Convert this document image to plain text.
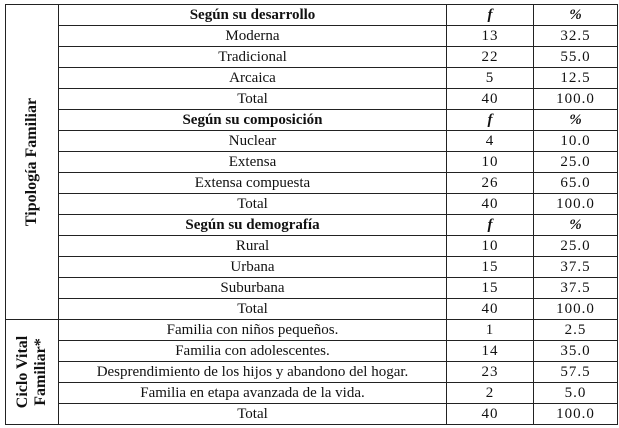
Tipología Familiar	Según su desarrollo	f	%
	Moderna	13	32.5
	Tradicional	22	55.0
	Arcaica	5	12.5
	Total	40	100.0
	Según su composición	f	%
	Nuclear	4	10.0
	Extensa	10	25.0
	Extensa compuesta	26	65.0
	Total	40	100.0
	Según su demografía	f	%
	Rural	10	25.0
	Urbana	15	37.5
	Suburbana	15	37.5
	Total	40	100.0

Ciclo Vital
Familiar*	Familia con niños pequeños.	1	2.5
	Familia con adolescentes.	14	35.0
	Desprendimiento de los hijos y abandono del hogar.	23	57.5
	Familia en etapa avanzada de la vida.	2	5.0
	Total	40	100.0
